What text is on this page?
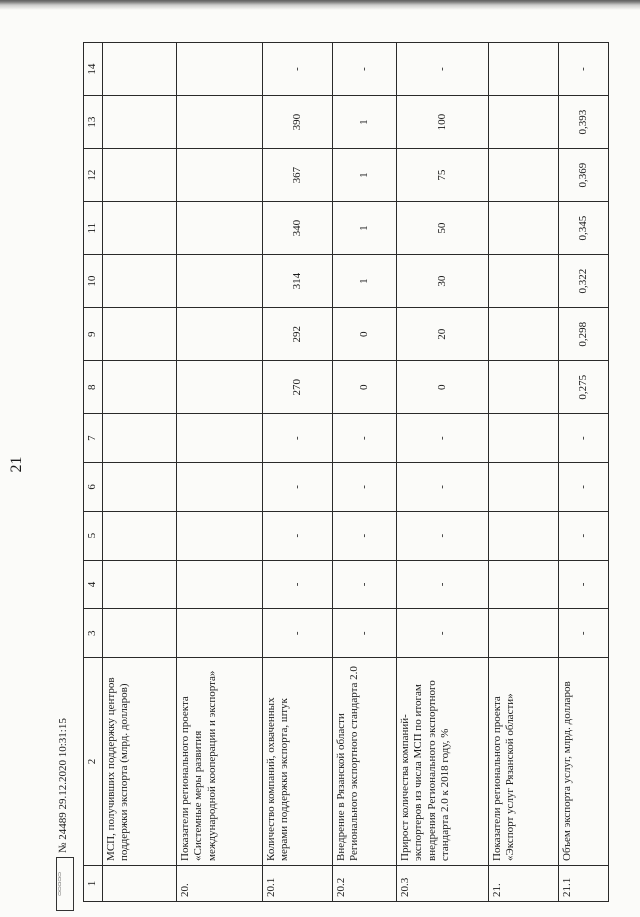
21
1	2	3	4	5	6	7	8	9	10	11	12	13	14
	МСП, получивших поддержку центров поддержки экспорта (млрд. долларов)												
20.	Показатели регионального проекта «Системные меры развития международной кооперации и экспорта»												
20.1	Количество компаний, охваченных мерами поддержки экспорта, штук	-	-	-	-	-	270	292	314	340	367	390	-
20.2	Внедрение в Рязанской области Регионального экспортного стандарта 2.0	-	-	-	-	-	0	0	1	1	1	1	-
20.3	Прирост количества компаний-экспортеров из числа МСП по итогам внедрения Регионального экспортного стандарта 2.0 к 2018 году, %	-	-	-	-	-	0	20	30	50	75	100	-
21.	Показатели регионального проекта «Экспорт услуг Рязанской области»												
21.1	Объем экспорта услуг, млрд. долларов	-	-	-	-	-	0,275	0,298	0,322	0,345	0,369	0,393	-
▭▭▭▭▭
№ 24489 29.12.2020 10:31:15
